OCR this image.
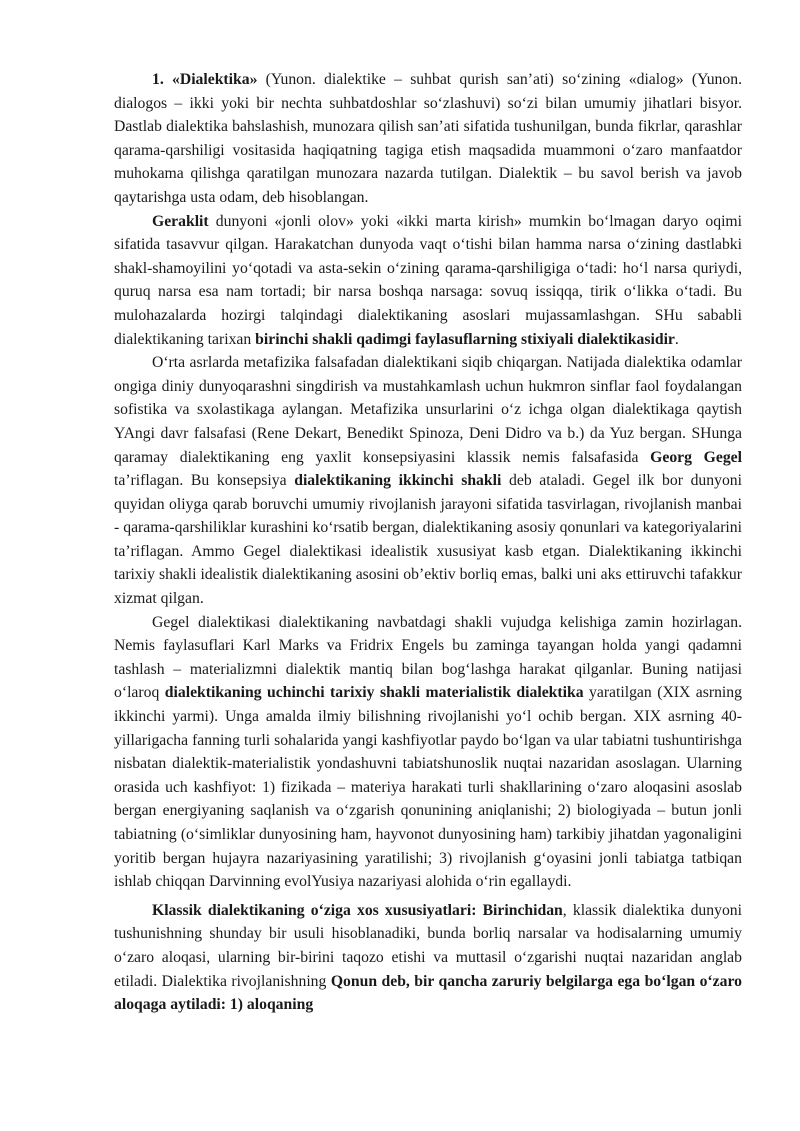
1. «Dialektika» (Yunon. dialektike – suhbat qurish san’ati) so‘zining «dialog» (Yunon. dialogos – ikki yoki bir nechta suhbatdoshlar so‘zlashuvi) so‘zi bilan umumiy jihatlari bisyor. Dastlab dialektika bahslashish, munozara qilish san’ati sifatida tushunilgan, bunda fikrlar, qarashlar qarama-qarshiligi vositasida haqiqatning tagiga etish maqsadida muammoni o‘zaro manfaatdor muhokama qilishga qaratilgan munozara nazarda tutilgan. Dialektik – bu savol berish va javob qaytarishga usta odam, deb hisoblangan.

Geraklit dunyoni «jonli olov» yoki «ikki marta kirish» mumkin bo‘lmagan daryo oqimi sifatida tasavvur qilgan. Harakatchan dunyoda vaqt o‘tishi bilan hamma narsa o‘zining dastlabki shakl-shamoyilini yo‘qotadi va asta-sekin o‘zining qarama-qarshiligiga o‘tadi: ho‘l narsa quriydi, quruq narsa esa nam tortadi; bir narsa boshqa narsaga: sovuq issiqqa, tirik o‘likka o‘tadi. Bu mulohazalarda hozirgi talqindagi dialektikaning asoslari mujassamlashgan. SHu sababli dialektikaning tarixan birinchi shakli qadimgi faylasuflarning stixiyali dialektikasidir.

O‘rta asrlarda metafizika falsafadan dialektikani siqib chiqargan. Natijada dialektika odamlar ongiga diniy dunyoqarashni singdirish va mustahkamlash uchun hukmron sinflar faol foydalangan sofistika va sxolastikaga aylangan. Metafizika unsurlarini o‘z ichga olgan dialektikaga qaytish YAngi davr falsafasi (Rene Dekart, Benedikt Spinoza, Deni Didro va b.) da Yuz bergan. SHunga qaramay dialektikaning eng yaxlit konsepsiyasini klassik nemis falsafasida Georg Gegel ta’riflagan. Bu konsepsiya dialektikaning ikkinchi shakli deb ataladi. Gegel ilk bor dunyoni quyidan oliyga qarab boruvchi umumiy rivojlanish jarayoni sifatida tasvirlagan, rivojlanish manbai - qarama-qarshiliklar kurashini ko‘rsatib bergan, dialektikaning asosiy qonunlari va kategoriyalarini ta’riflagan. Ammo Gegel dialektikasi idealistik xususiyat kasb etgan. Dialektikaning ikkinchi tarixiy shakli idealistik dialektikaning asosini ob’ektiv borliq emas, balki uni aks ettiruvchi tafakkur xizmat qilgan.

Gegel dialektikasi dialektikaning navbatdagi shakli vujudga kelishiga zamin hozirlagan. Nemis faylasuflari Karl Marks va Fridrix Engels bu zaminga tayangan holda yangi qadamni tashlash – materializmni dialektik mantiq bilan bog‘lashga harakat qilganlar. Buning natijasi o‘laroq dialektikaning uchinchi tarixiy shakli materialistik dialektika yaratilgan (XIX asrning ikkinchi yarmi). Unga amalda ilmiy bilishning rivojlanishi yo‘l ochib bergan. XIX asrning 40-yillarigacha fanning turli sohalarida yangi kashfiyotlar paydo bo‘lgan va ular tabiatni tushuntirishga nisbatan dialektik-materialistik yondashuvni tabiatshunoslik nuqtai nazaridan asoslagan. Ularning orasida uch kashfiyot: 1) fizikada – materiya harakati turli shakllarining o‘zaro aloqasini asoslab bergan energiyaning saqlanish va o‘zgarish qonunining aniqlanishi; 2) biologiyada – butun jonli tabiatning (o‘simliklar dunyosining ham, hayvonot dunyosining ham) tarkibiy jihatdan yagonaligini yoritib bergan hujayra nazariyasining yaratilishi; 3) rivojlanish g‘oyasini jonli tabiatga tatbiqan ishlab chiqqan Darvinning evolYusiya nazariyasi alohida o‘rin egallaydi.

Klassik dialektikaning o‘ziga xos xususiyatlari: Birinchidan, klassik dialektika dunyoni tushunishning shunday bir usuli hisoblanadiki, bunda borliq narsalar va hodisalarning umumiy o‘zaro aloqasi, ularning bir-birini taqozo etishi va muttasil o‘zgarishi nuqtai nazaridan anglab etiladi. Dialektika rivojlanishning Qonun deb, bir qancha zaruriy belgilarga ega bo‘lgan o‘zaro aloqaga aytiladi: 1) aloqaning
